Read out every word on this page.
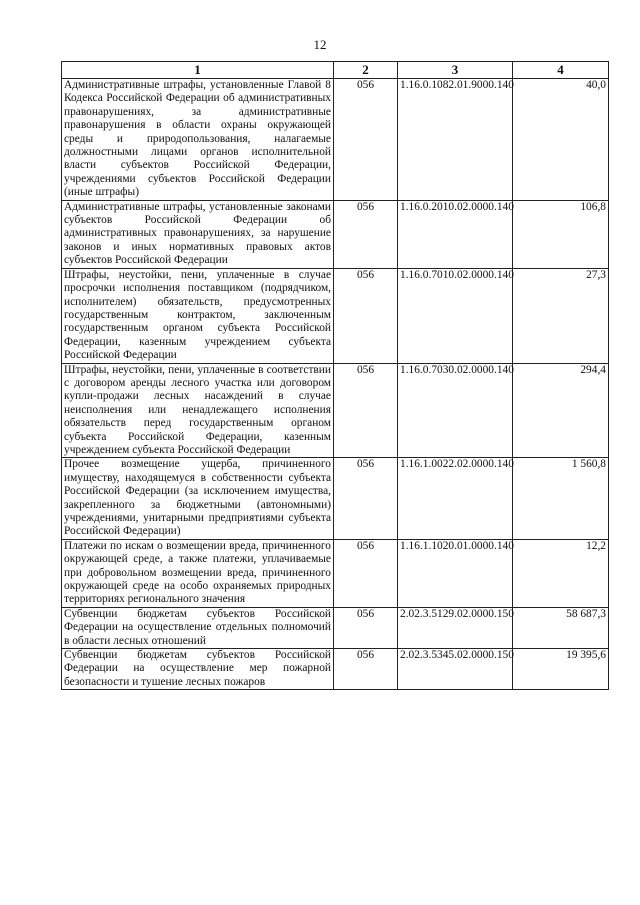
12
1	2	3	4
Административные штрафы, установленные Главой 8 Кодекса Российской Федерации об административных правонарушениях, за административные правонарушения в области охраны окружающей среды и природопользования, налагаемые должностными лицами органов исполнительной власти субъектов Российской Федерации, учреждениями субъектов Российской Федерации (иные штрафы)	056	1.16.0.1082.01.9000.140	40,0
Административные штрафы, установленные законами субъектов Российской Федерации об административных правонарушениях, за нарушение законов и иных нормативных правовых актов субъектов Российской Федерации	056	1.16.0.2010.02.0000.140	106,8
Штрафы, неустойки, пени, уплаченные в случае просрочки исполнения поставщиком (подрядчиком, исполнителем) обязательств, предусмотренных государственным контрактом, заключенным государственным органом субъекта Российской Федерации, казенным учреждением субъекта Российской Федерации	056	1.16.0.7010.02.0000.140	27,3
Штрафы, неустойки, пени, уплаченные в соответствии с договором аренды лесного участка или договором купли-продажи лесных насаждений в случае неисполнения или ненадлежащего исполнения обязательств перед государственным органом субъекта Российской Федерации, казенным учреждением субъекта Российской Федерации	056	1.16.0.7030.02.0000.140	294,4
Прочее возмещение ущерба, причиненного имуществу, находящемуся в собственности субъекта Российской Федерации (за исключением имущества, закрепленного за бюджетными (автономными) учреждениями, унитарными предприятиями субъекта Российской Федерации)	056	1.16.1.0022.02.0000.140	1 560,8
Платежи по искам о возмещении вреда, причиненного окружающей среде, а также платежи, уплачиваемые при добровольном возмещении вреда, причиненного окружающей среде на особо охраняемых природных территориях регионального значения	056	1.16.1.1020.01.0000.140	12,2
Субвенции бюджетам субъектов Российской Федерации на осуществление отдельных полномочий в области лесных отношений	056	2.02.3.5129.02.0000.150	58 687,3
Субвенции бюджетам субъектов Российской Федерации на осуществление мер пожарной безопасности и тушение лесных пожаров	056	2.02.3.5345.02.0000.150	19 395,6
